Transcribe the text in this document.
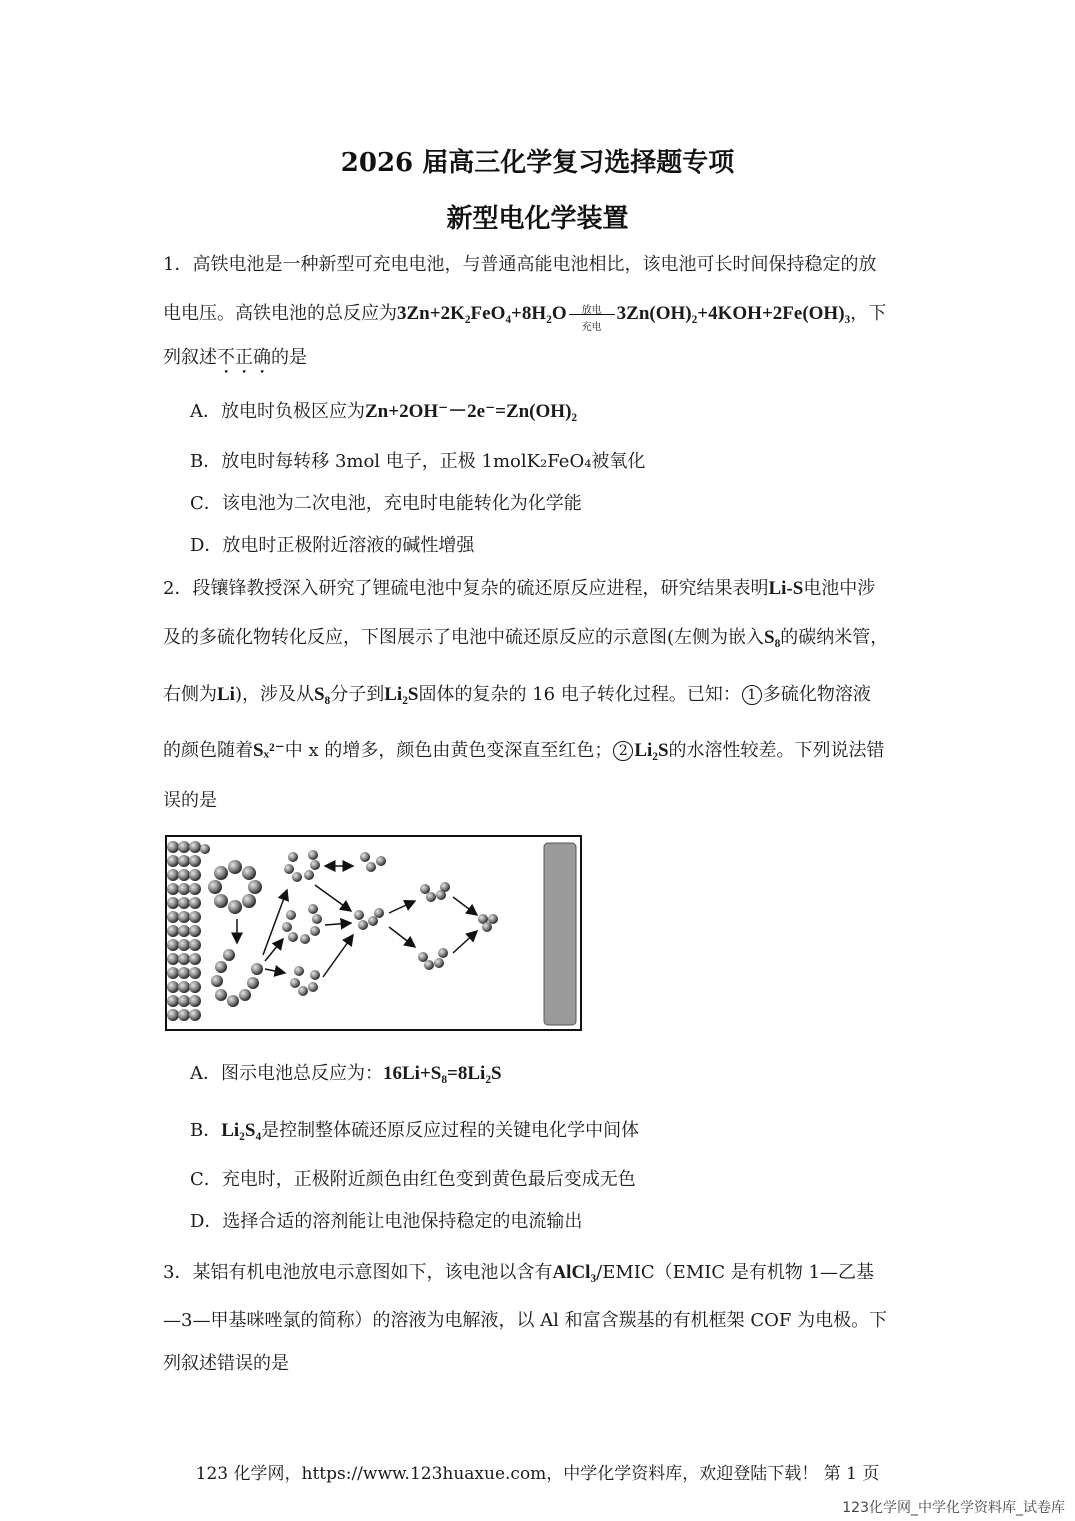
2026 届高三化学复习选择题专项
新型电化学装置
1．高铁电池是一种新型可充电电池，与普通高能电池相比，该电池可长时间保持稳定的放
电电压。高铁电池的总反应为3Zn+2K₂FeO₄+8H₂O	放电
充电
3Zn(OH)₂+4KOH+2Fe(OH)₃，下
列叙述不正确的是
A．放电时负极区应为Zn+2OH⁻－2e⁻=Zn(OH)₂
B．放电时每转移 3mol 电子，正极 1molK₂FeO₄被氧化
C．该电池为二次电池，充电时电能转化为化学能
D．放电时正极附近溶液的碱性增强
2．段镶锋教授深入研究了锂硫电池中复杂的硫还原反应进程，研究结果表明Li-S电池中涉
及的多硫化物转化反应，下图展示了电池中硫还原反应的示意图(左侧为嵌入S₈的碳纳米管，
右侧为Li)，涉及从S₈分子到Li₂S固体的复杂的 16 电子转化过程。已知： 1 多硫化物溶液
的颜色随着Sₓ²⁻中 x 的增多，颜色由黄色变深直至红色； 2 Li₂S的水溶性较差。下列说法错
误的是
A．图示电池总反应为：16Li+S₈=8Li₂S
B．Li₂S₄是控制整体硫还原反应过程的关键电化学中间体
C．充电时，正极附近颜色由红色变到黄色最后变成无色
D．选择合适的溶剂能让电池保持稳定的电流输出
3．某铝有机电池放电示意图如下，该电池以含有AlCl₃/EMIC（EMIC 是有机物 1—乙基
—3—甲基咪唑氯的简称）的溶液为电解液，以 Al 和富含羰基的有机框架 COF 为电极。下
列叙述错误的是
123 化学网，https://www.123huaxue.com，中学化学资料库，欢迎登陆下载！ 第 1 页
123化学网_中学化学资料库_试卷库
